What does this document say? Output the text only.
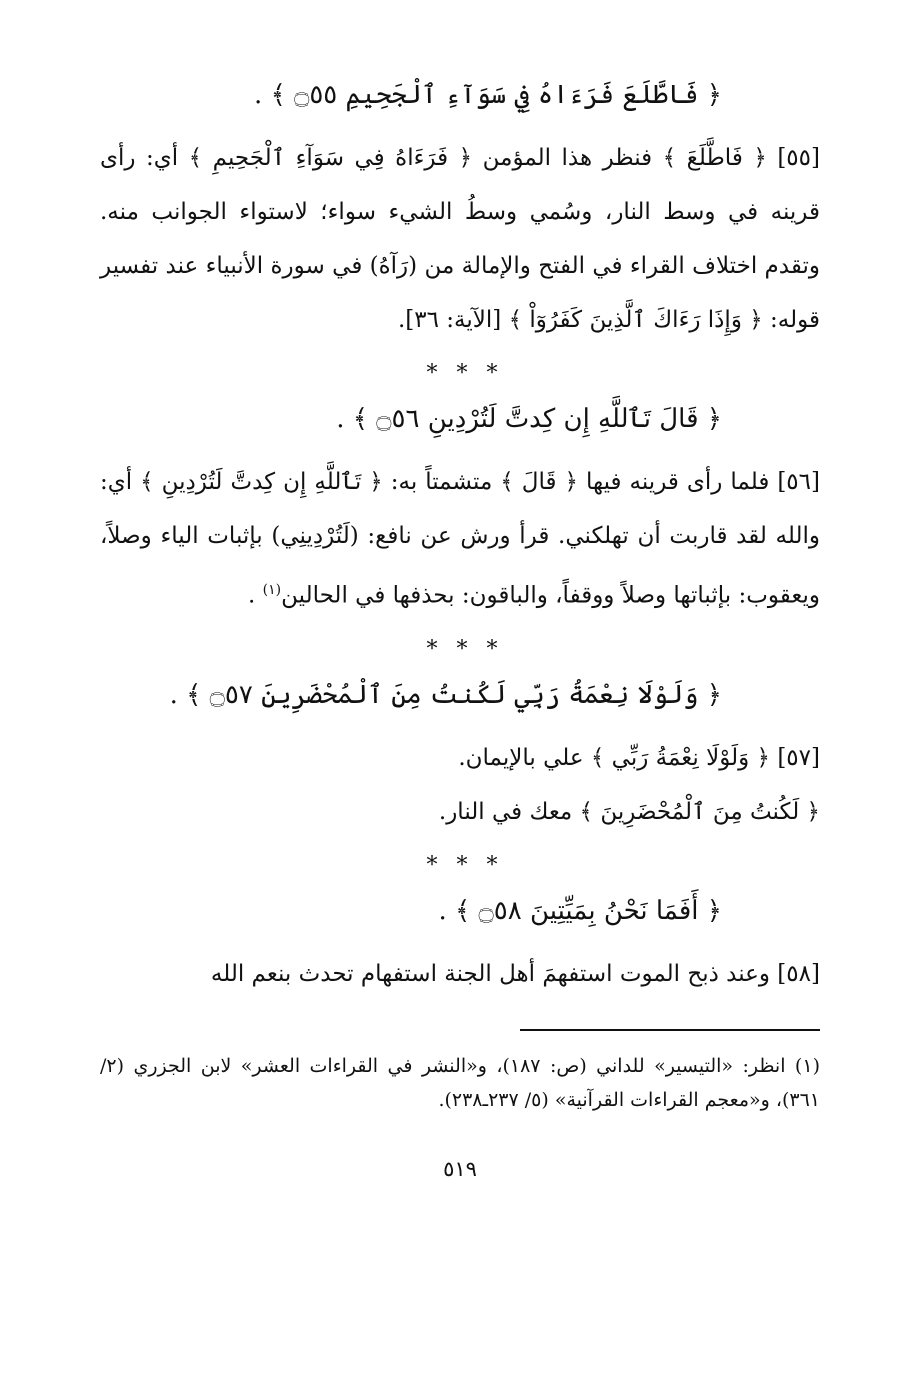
﴿ فَاطَّلَعَ فَرَءَاهُ فِي سَوَآءِ ٱلْجَحِيمِ ۝٥٥ ﴾ .

[٥٥] ﴿ فَاطَّلَعَ ﴾ فنظر هذا المؤمن ﴿ فَرَءَاهُ فِي سَوَآءِ ٱلْجَحِيمِ ﴾ أي: رأى قرينه في وسط النار، وسُمي وسطُ الشيء سواء؛ لاستواء الجوانب منه. وتقدم اختلاف القراء في الفتح والإمالة من (رَآهُ) في سورة الأنبياء عند تفسير قوله: ﴿ وَإِذَا رَءَاكَ ٱلَّذِينَ كَفَرُوٓاْ ﴾ [الآية: ٣٦].

* * *

﴿ قَالَ تَٱللَّهِ إِن كِدتَّ لَتُرْدِينِ ۝٥٦ ﴾ .

[٥٦] فلما رأى قرينه فيها ﴿ قَالَ ﴾ متشمتاً به: ﴿ تَٱللَّهِ إِن كِدتَّ لَتُرْدِينِ ﴾ أي: والله لقد قاربت أن تهلكني. قرأ ورش عن نافع: (لَتُرْدِينِي) بإثبات الياء وصلاً، ويعقوب: بإثباتها وصلاً ووقفاً، والباقون: بحذفها في الحالين$^{(١)}$ .

* * *

﴿ وَلَوْلَا نِعْمَةُ رَبِّي لَكُنتُ مِنَ ٱلْمُحْضَرِينَ ۝٥٧ ﴾ .

[٥٧] ﴿ وَلَوْلَا نِعْمَةُ رَبِّي ﴾ علي بالإيمان.

﴿ لَكُنتُ مِنَ ٱلْمُحْضَرِينَ ﴾ معك في النار.

* * *

﴿ أَفَمَا نَحْنُ بِمَيِّتِينَ ۝٥٨ ﴾ .

[٥٨] وعند ذبح الموت استفهمَ أهل الجنة استفهام تحدث بنعم الله

(١) انظر: «التيسير» للداني (ص: ١٨٧)، و«النشر في القراءات العشر» لابن الجزري (٢/ ٣٦١)، و«معجم القراءات القرآنية» (٥/ ٢٣٧ـ٢٣٨).

٥١٩
